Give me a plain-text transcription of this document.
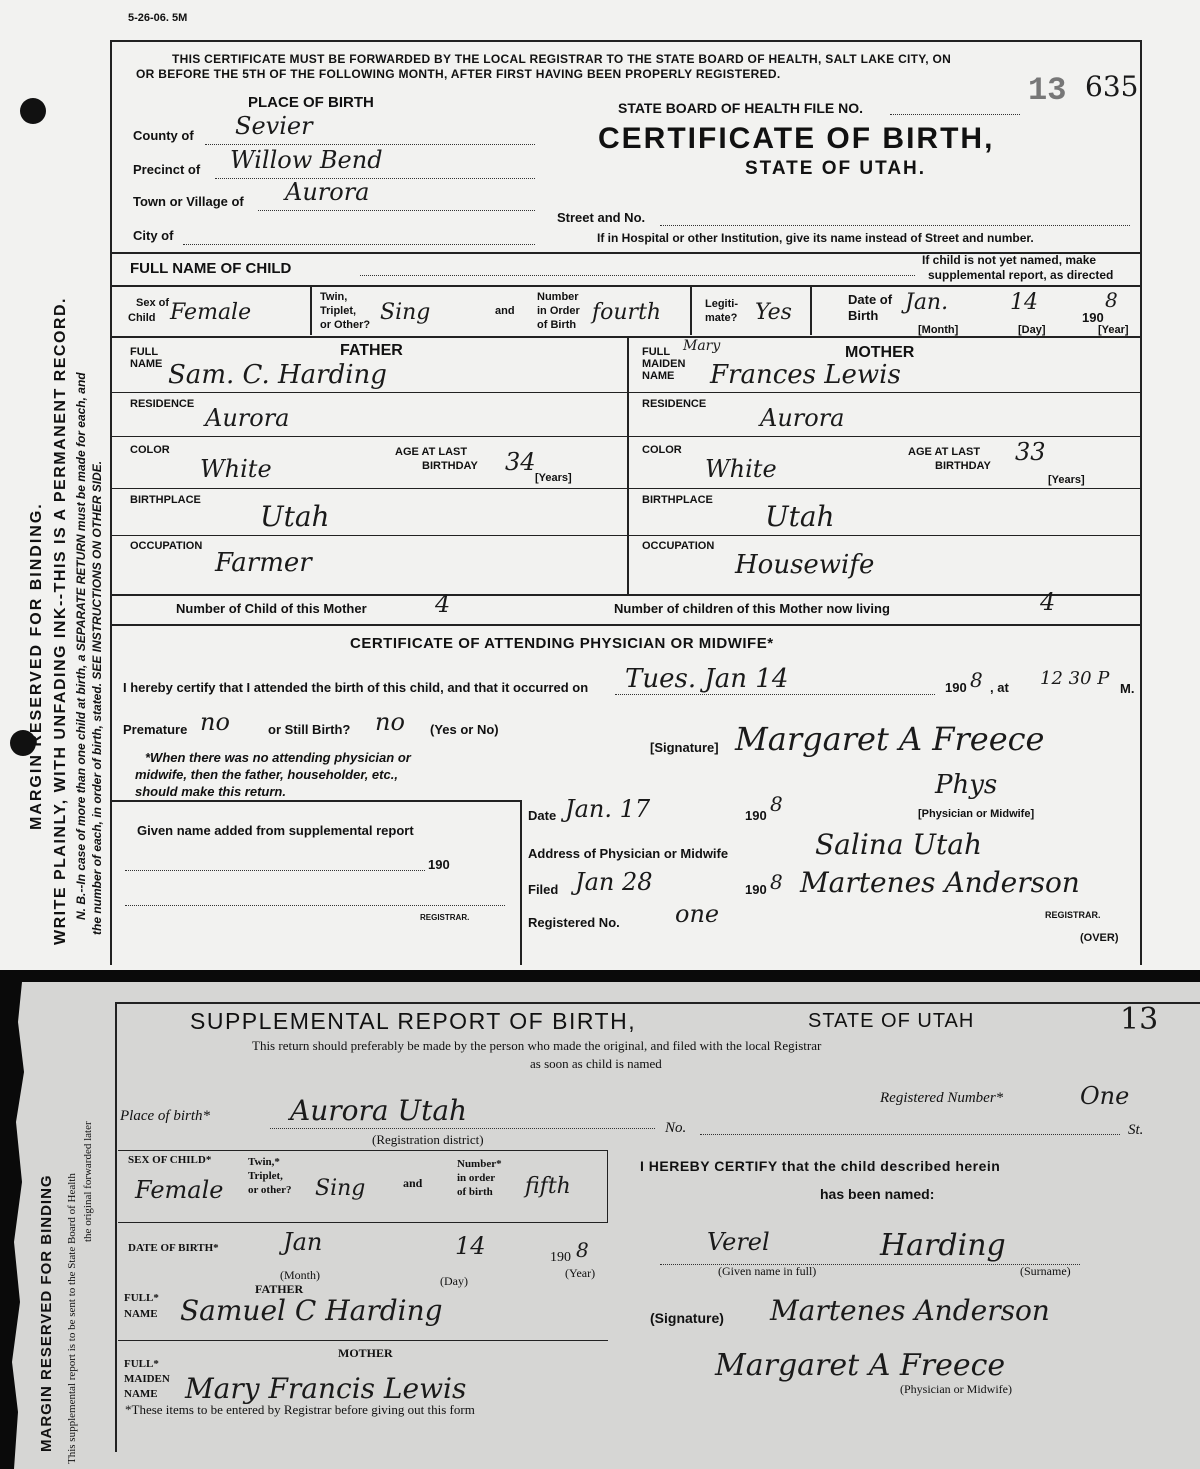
5-26-06. 5M
MARGIN RESERVED FOR BINDING. WRITE PLAINLY, WITH UNFADING INK--THIS IS A PERMANENT RECORD. N. B.--In case of more than one child at birth, a SEPARATE RETURN must be made for each, and the number of each, in order of birth, stated. SEE INSTRUCTIONS ON OTHER SIDE.
THIS CERTIFICATE MUST BE FORWARDED BY THE LOCAL REGISTRAR TO THE STATE BOARD OF HEALTH, SALT LAKE CITY, ON
OR BEFORE THE 5TH OF THE FOLLOWING MONTH, AFTER FIRST HAVING BEEN PROPERLY REGISTERED.
PLACE OF BIRTH
County of Sevier
Precinct of Willow Bend
Town or Village of Aurora
City of
STATE BOARD OF HEALTH FILE NO.	13 635
CERTIFICATE OF BIRTH,
STATE OF UTAH.
Street and No.
If in Hospital or other Institution, give its name instead of Street and number.
FULL NAME OF CHILD	If child is not yet named, make
supplemental report, as directed
Sex of
Child Female
Twin,
Triplet,
or Other? Sing	and
Number
in Order
of Birth fourth	Legiti-
mate? Yes
Date of
Birth
Jan.	14
190
8
[Month]	[Day]	[Year]
FULL
NAME
FATHER
Sam. C. Harding
RESIDENCE Aurora
COLOR
White
AGE AT LAST
BIRTHDAY 34
[Years]
BIRTHPLACE Utah
OCCUPATION
Farmer
FULL
MAIDEN
NAME
Mary	MOTHER
Frances Lewis
RESIDENCE Aurora
COLOR
White
AGE AT LAST
BIRTHDAY 33
[Years]
BIRTHPLACE Utah
OCCUPATION
Housewife
Number of Child of this Mother	4	Number of children of this Mother now living	4
CERTIFICATE OF ATTENDING PHYSICIAN OR MIDWIFE*
I hereby certify that I attended the birth of this child, and that it occurred on Tues. Jan 14	190 8 , at 12 30 P M.
Premature no	or Still Birth? no (Yes or No)
*When there was no attending physician or
midwife, then the father, householder, etc.,
should make this return.
[Signature] Margaret A Freece
Phys
[Physician or Midwife]
Given name added from supplemental report
190
REGISTRAR.
Date Jan. 17	190 8
Address of Physician or Midwife	Salina Utah
Filed Jan 28	190 8 Martenes Anderson
REGISTRAR.
Registered No. one
(OVER)
MARGIN RESERVED FOR BINDING This supplemental report is to be sent to the State Board of Health the original forwarded later
SUPPLEMENTAL REPORT OF BIRTH,	STATE OF UTAH	13
This return should preferably be made by the person who made the original, and filed with the local Registrar
as soon as child is named
Registered Number*	One
Place of birth*	Aurora Utah
(Registration district)
No.	St.
SEX OF CHILD*
Female
Twin,*
Triplet,
or other? Sing	and
Number*
in order
of birth fifth
I HEREBY CERTIFY that the child described herein
has been named:
DATE OF BIRTH*	Jan	14	190 8
(Month)	(Day)
(Year)
Verel	Harding
(Given name in full)	(Surname)
FATHER
FULL*
NAME Samuel C Harding
MOTHER
FULL*
MAIDEN
NAME Mary Francis Lewis
*These items to be entered by Registrar before giving out this form
(Signature) Martenes Anderson
Margaret A Freece
(Physician or Midwife)
